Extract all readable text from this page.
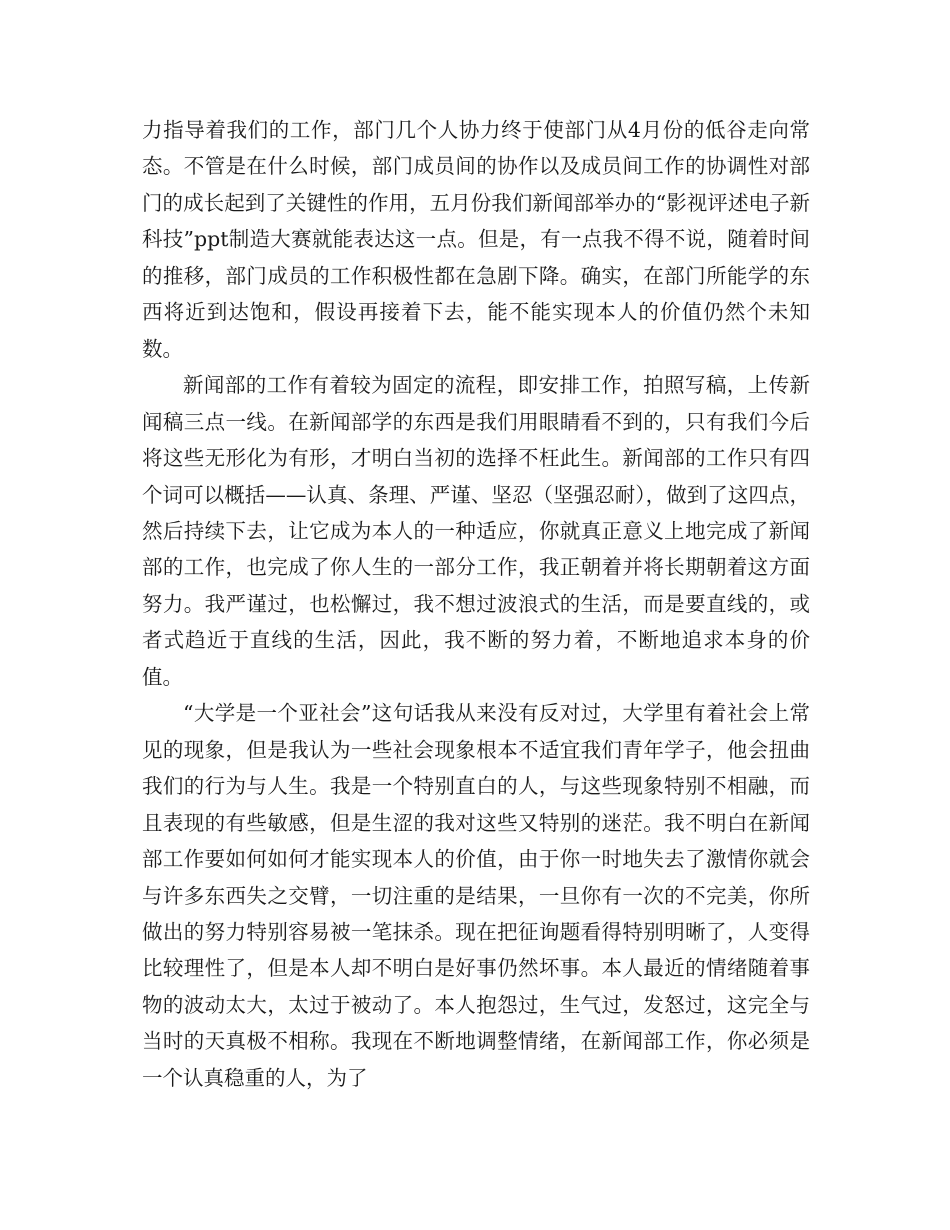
力指导着我们的工作，部门几个人协力终于使部门从4月份的低谷走向常态。不管是在什么时候，部门成员间的协作以及成员间工作的协调性对部门的成长起到了关键性的作用，五月份我们新闻部举办的“影视评述电子新科技”ppt制造大赛就能表达这一点。但是，有一点我不得不说，随着时间的推移，部门成员的工作积极性都在急剧下降。确实，在部门所能学的东西将近到达饱和，假设再接着下去，能不能实现本人的价值仍然个未知数。

新闻部的工作有着较为固定的流程，即安排工作，拍照写稿，上传新闻稿三点一线。在新闻部学的东西是我们用眼睛看不到的，只有我们今后将这些无形化为有形，才明白当初的选择不枉此生。新闻部的工作只有四个词可以概括——认真、条理、严谨、坚忍（坚强忍耐），做到了这四点，然后持续下去，让它成为本人的一种适应，你就真正意义上地完成了新闻部的工作，也完成了你人生的一部分工作，我正朝着并将长期朝着这方面努力。我严谨过，也松懈过，我不想过波浪式的生活，而是要直线的，或者式趋近于直线的生活，因此，我不断的努力着，不断地追求本身的价值。

“大学是一个亚社会”这句话我从来没有反对过，大学里有着社会上常见的现象，但是我认为一些社会现象根本不适宜我们青年学子，他会扭曲我们的行为与人生。我是一个特别直白的人，与这些现象特别不相融，而且表现的有些敏感，但是生涩的我对这些又特别的迷茫。我不明白在新闻部工作要如何如何才能实现本人的价值，由于你一时地失去了激情你就会与许多东西失之交臂，一切注重的是结果，一旦你有一次的不完美，你所做出的努力特别容易被一笔抹杀。现在把征询题看得特别明晰了，人变得比较理性了，但是本人却不明白是好事仍然坏事。本人最近的情绪随着事物的波动太大，太过于被动了。本人抱怨过，生气过，发怒过，这完全与当时的天真极不相称。我现在不断地调整情绪，在新闻部工作，你必须是一个认真稳重的人，为了
